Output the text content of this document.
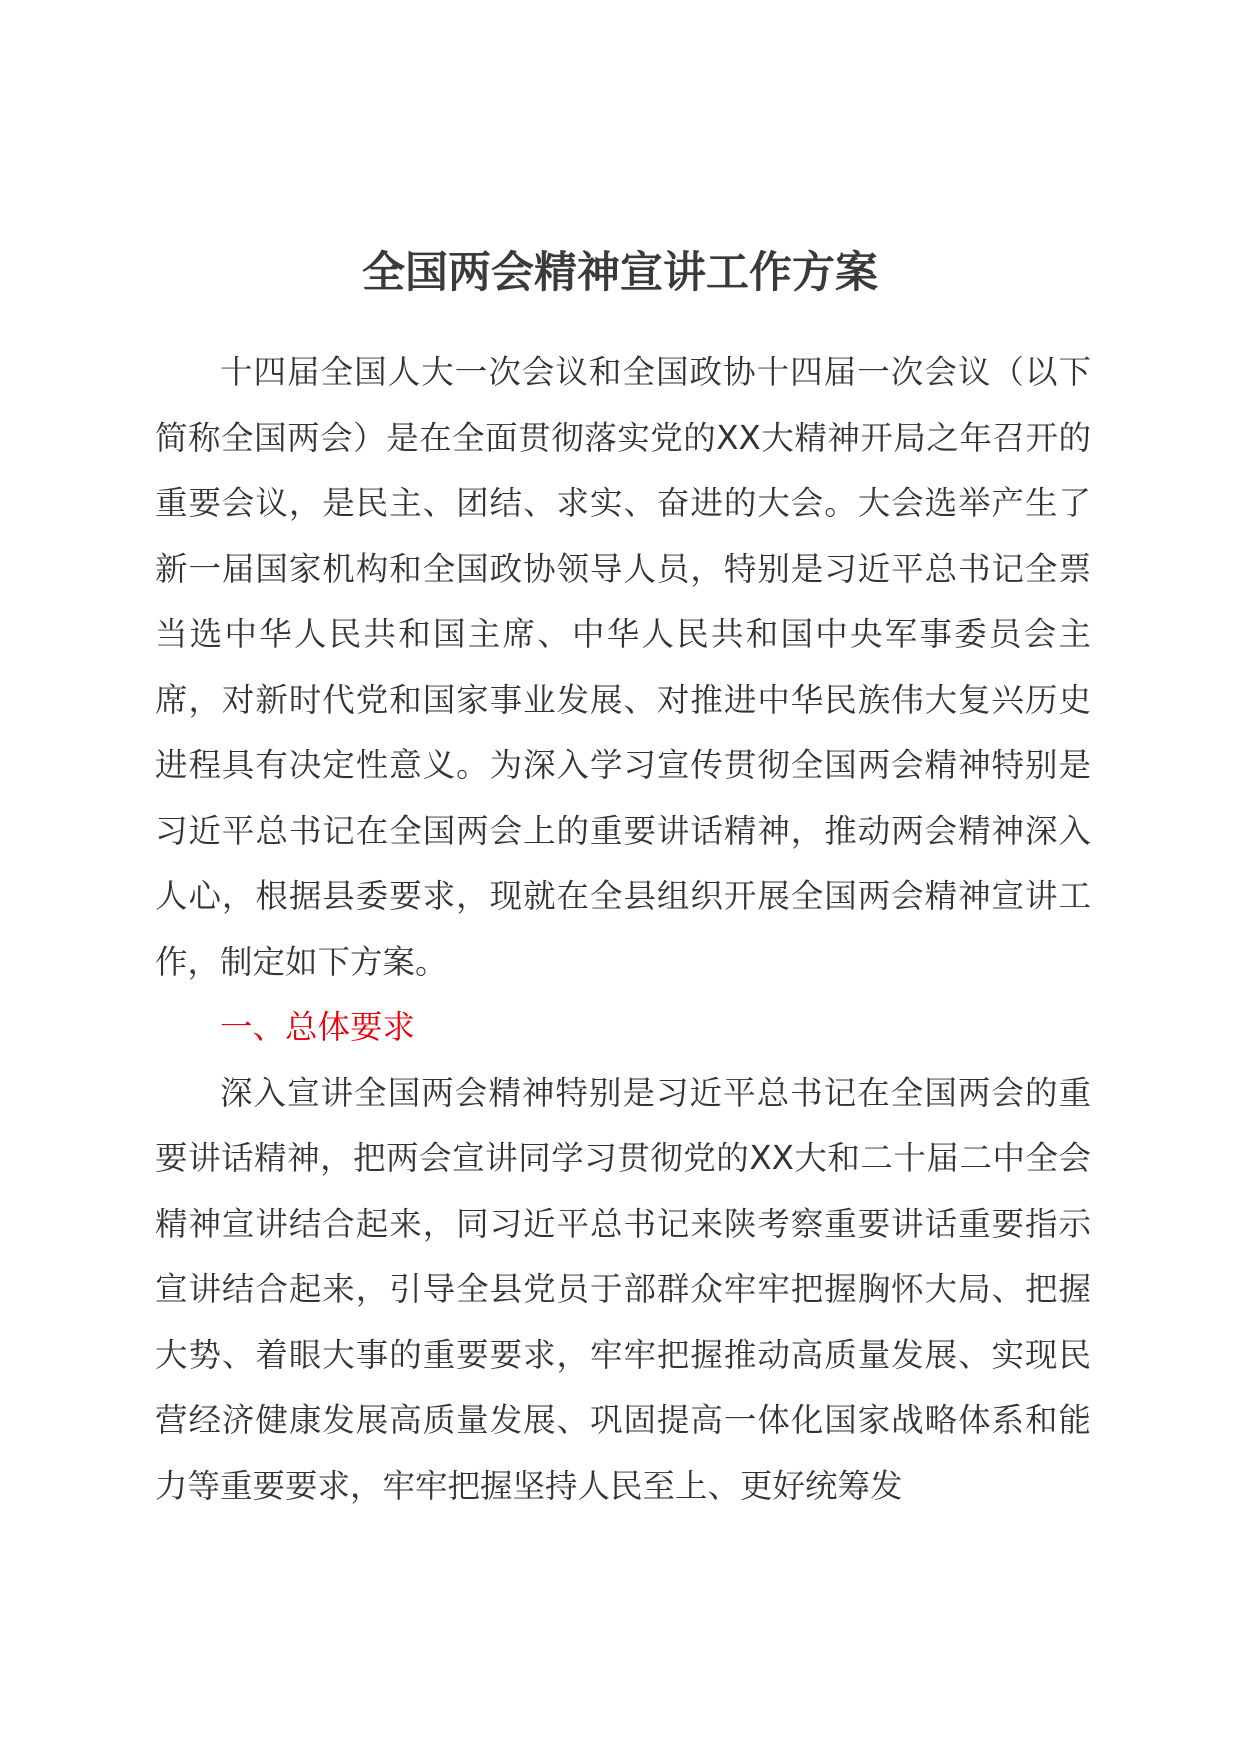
全国两会精神宣讲工作方案

十四届全国人大一次会议和全国政协十四届一次会议（以下简称全国两会）是在全面贯彻落实党的XX大精神开局之年召开的重要会议，是民主、团结、求实、奋进的大会。大会选举产生了新一届国家机构和全国政协领导人员，特别是习近平总书记全票当选中华人民共和国主席、中华人民共和国中央军事委员会主席，对新时代党和国家事业发展、对推进中华民族伟大复兴历史进程具有决定性意义。为深入学习宣传贯彻全国两会精神特别是习近平总书记在全国两会上的重要讲话精神，推动两会精神深入人心，根据县委要求，现就在全县组织开展全国两会精神宣讲工作，制定如下方案。

一、总体要求

深入宣讲全国两会精神特别是习近平总书记在全国两会的重要讲话精神，把两会宣讲同学习贯彻党的XX大和二十届二中全会精神宣讲结合起来，同习近平总书记来陕考察重要讲话重要指示宣讲结合起来，引导全县党员于部群众牢牢把握胸怀大局、把握大势、着眼大事的重要要求，牢牢把握推动高质量发展、实现民营经济健康发展高质量发展、巩固提高一体化国家战略体系和能力等重要要求，牢牢把握坚持人民至上、更好统筹发
